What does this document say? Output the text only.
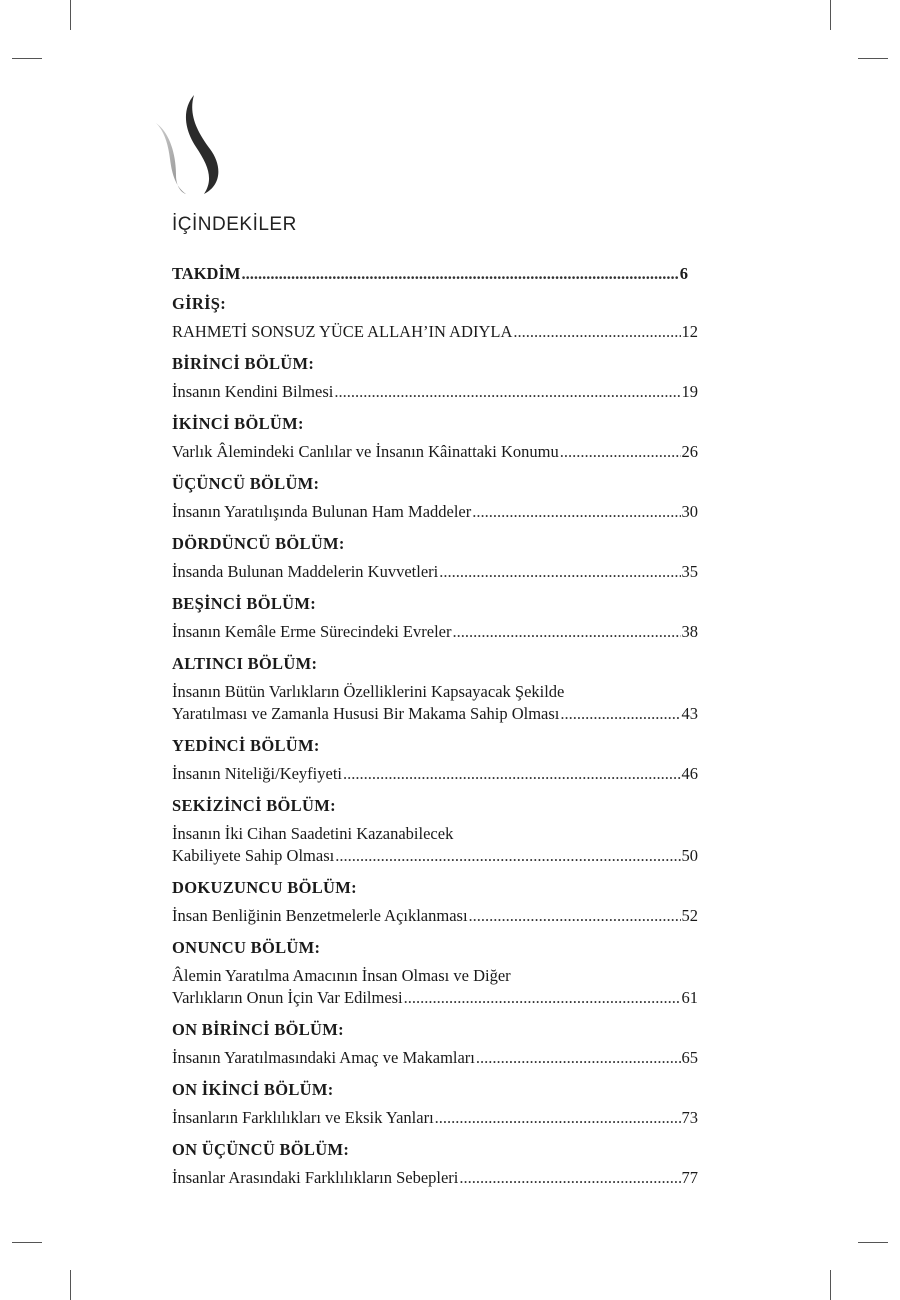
İÇİNDEKİLER
TAKDİM .....	6
GİRİŞ:
RAHMETİ SONSUZ YÜCE ALLAH’IN ADIYLA .....	12
BİRİNCİ BÖLÜM:
İnsanın Kendini Bilmesi .....	19
İKİNCİ BÖLÜM:
Varlık Âlemindeki Canlılar ve İnsanın Kâinattaki Konumu .....	26
ÜÇÜNCÜ BÖLÜM:
İnsanın Yaratılışında Bulunan Ham Maddeler .....	30
DÖRDÜNCÜ BÖLÜM:
İnsanda Bulunan Maddelerin Kuvvetleri .....	35
BEŞİNCİ BÖLÜM:
İnsanın Kemâle Erme Sürecindeki Evreler .....	38
ALTINCI BÖLÜM:
İnsanın Bütün Varlıkların Özelliklerini Kapsayacak Şekilde
Yaratılması ve Zamanla Hususi Bir Makama Sahip Olması .....	43
YEDİNCİ BÖLÜM:
İnsanın Niteliği/Keyfiyeti .....	46
SEKİZİNCİ BÖLÜM:
İnsanın İki Cihan Saadetini Kazanabilecek
Kabiliyete Sahip Olması .....	50
DOKUZUNCU BÖLÜM:
İnsan Benliğinin Benzetmelerle Açıklanması .....	52
ONUNCU BÖLÜM:
Âlemin Yaratılma Amacının İnsan Olması ve Diğer
Varlıkların Onun İçin Var Edilmesi .....	61
ON BİRİNCİ BÖLÜM:
İnsanın Yaratılmasındaki Amaç ve Makamları .....	65
ON İKİNCİ BÖLÜM:
İnsanların Farklılıkları ve Eksik Yanları .....	73
ON ÜÇÜNCÜ BÖLÜM:
İnsanlar Arasındaki Farklılıkların Sebepleri .....	77
